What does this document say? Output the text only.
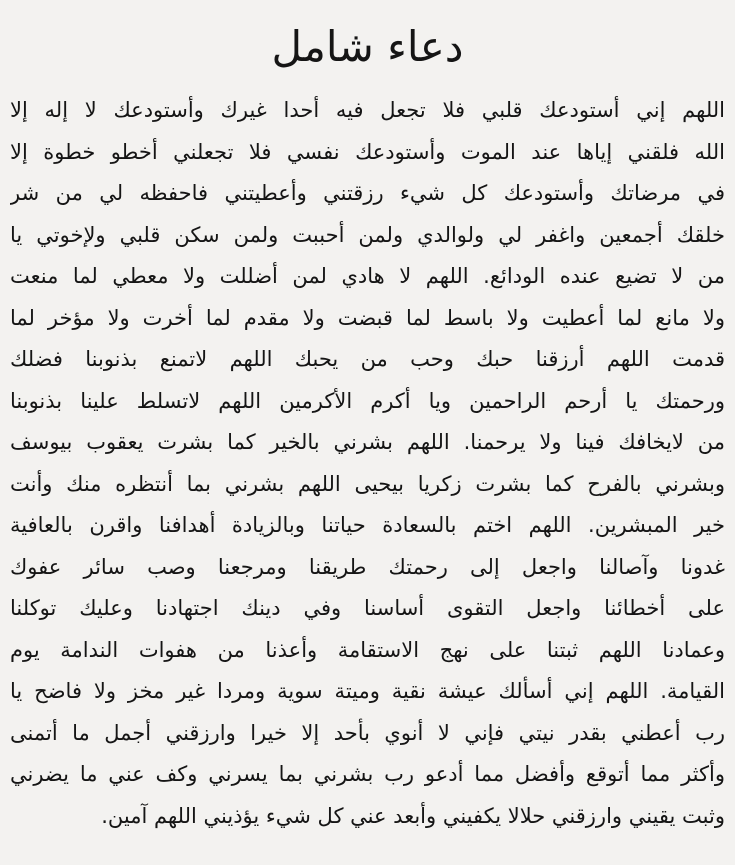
دعاء شامل
اللهم إني أستودعك قلبي فلا تجعل فيه أحدا غيرك وأستودعك لا إله إلا
الله فلقني إياها عند الموت وأستودعك نفسي فلا تجعلني أخطو خطوة إلا
في مرضاتك وأستودعك كل شيء رزقتني وأعطيتني فاحفظه لي من شر
خلقك أجمعين واغفر لي ولوالدي ولمن أحببت ولمن سكن قلبي ولإخوتي يا
من لا تضيع عنده الودائع. اللهم لا هادي لمن أضللت ولا معطي لما منعت
ولا مانع لما أعطيت ولا باسط لما قبضت ولا مقدم لما أخرت ولا مؤخر لما
قدمت اللهم أرزقنا حبك وحب من يحبك اللهم لاتمنع بذنوبنا فضلك
ورحمتك يا أرحم الراحمين ويا أكرم الأكرمين اللهم لاتسلط علينا بذنوبنا
من لايخافك فينا ولا يرحمنا. اللهم بشرني بالخير كما بشرت يعقوب بيوسف
وبشرني بالفرح كما بشرت زكريا بيحيى اللهم بشرني بما أنتظره منك وأنت
خير المبشرين. اللهم اختم بالسعادة حياتنا وبالزيادة أهدافنا واقرن بالعافية
غدونا وآصالنا واجعل إلى رحمتك طريقنا ومرجعنا وصب سائر عفوك
على أخطائنا واجعل التقوى أساسنا وفي دينك اجتهادنا وعليك توكلنا
وعمادنا اللهم ثبتنا على نهج الاستقامة وأعذنا من هفوات الندامة يوم
القيامة. اللهم إني أسألك عيشة نقية وميتة سوية ومردا غير مخز ولا فاضح يا
رب أعطني بقدر نيتي فإني لا أنوي بأحد إلا خيرا وارزقني أجمل ما أتمنى
وأكثر مما أتوقع وأفضل مما أدعو رب بشرني بما يسرني وكف عني ما يضرني
وثبت يقيني وارزقني حلالا يكفيني وأبعد عني كل شيء يؤذيني اللهم آمين.
